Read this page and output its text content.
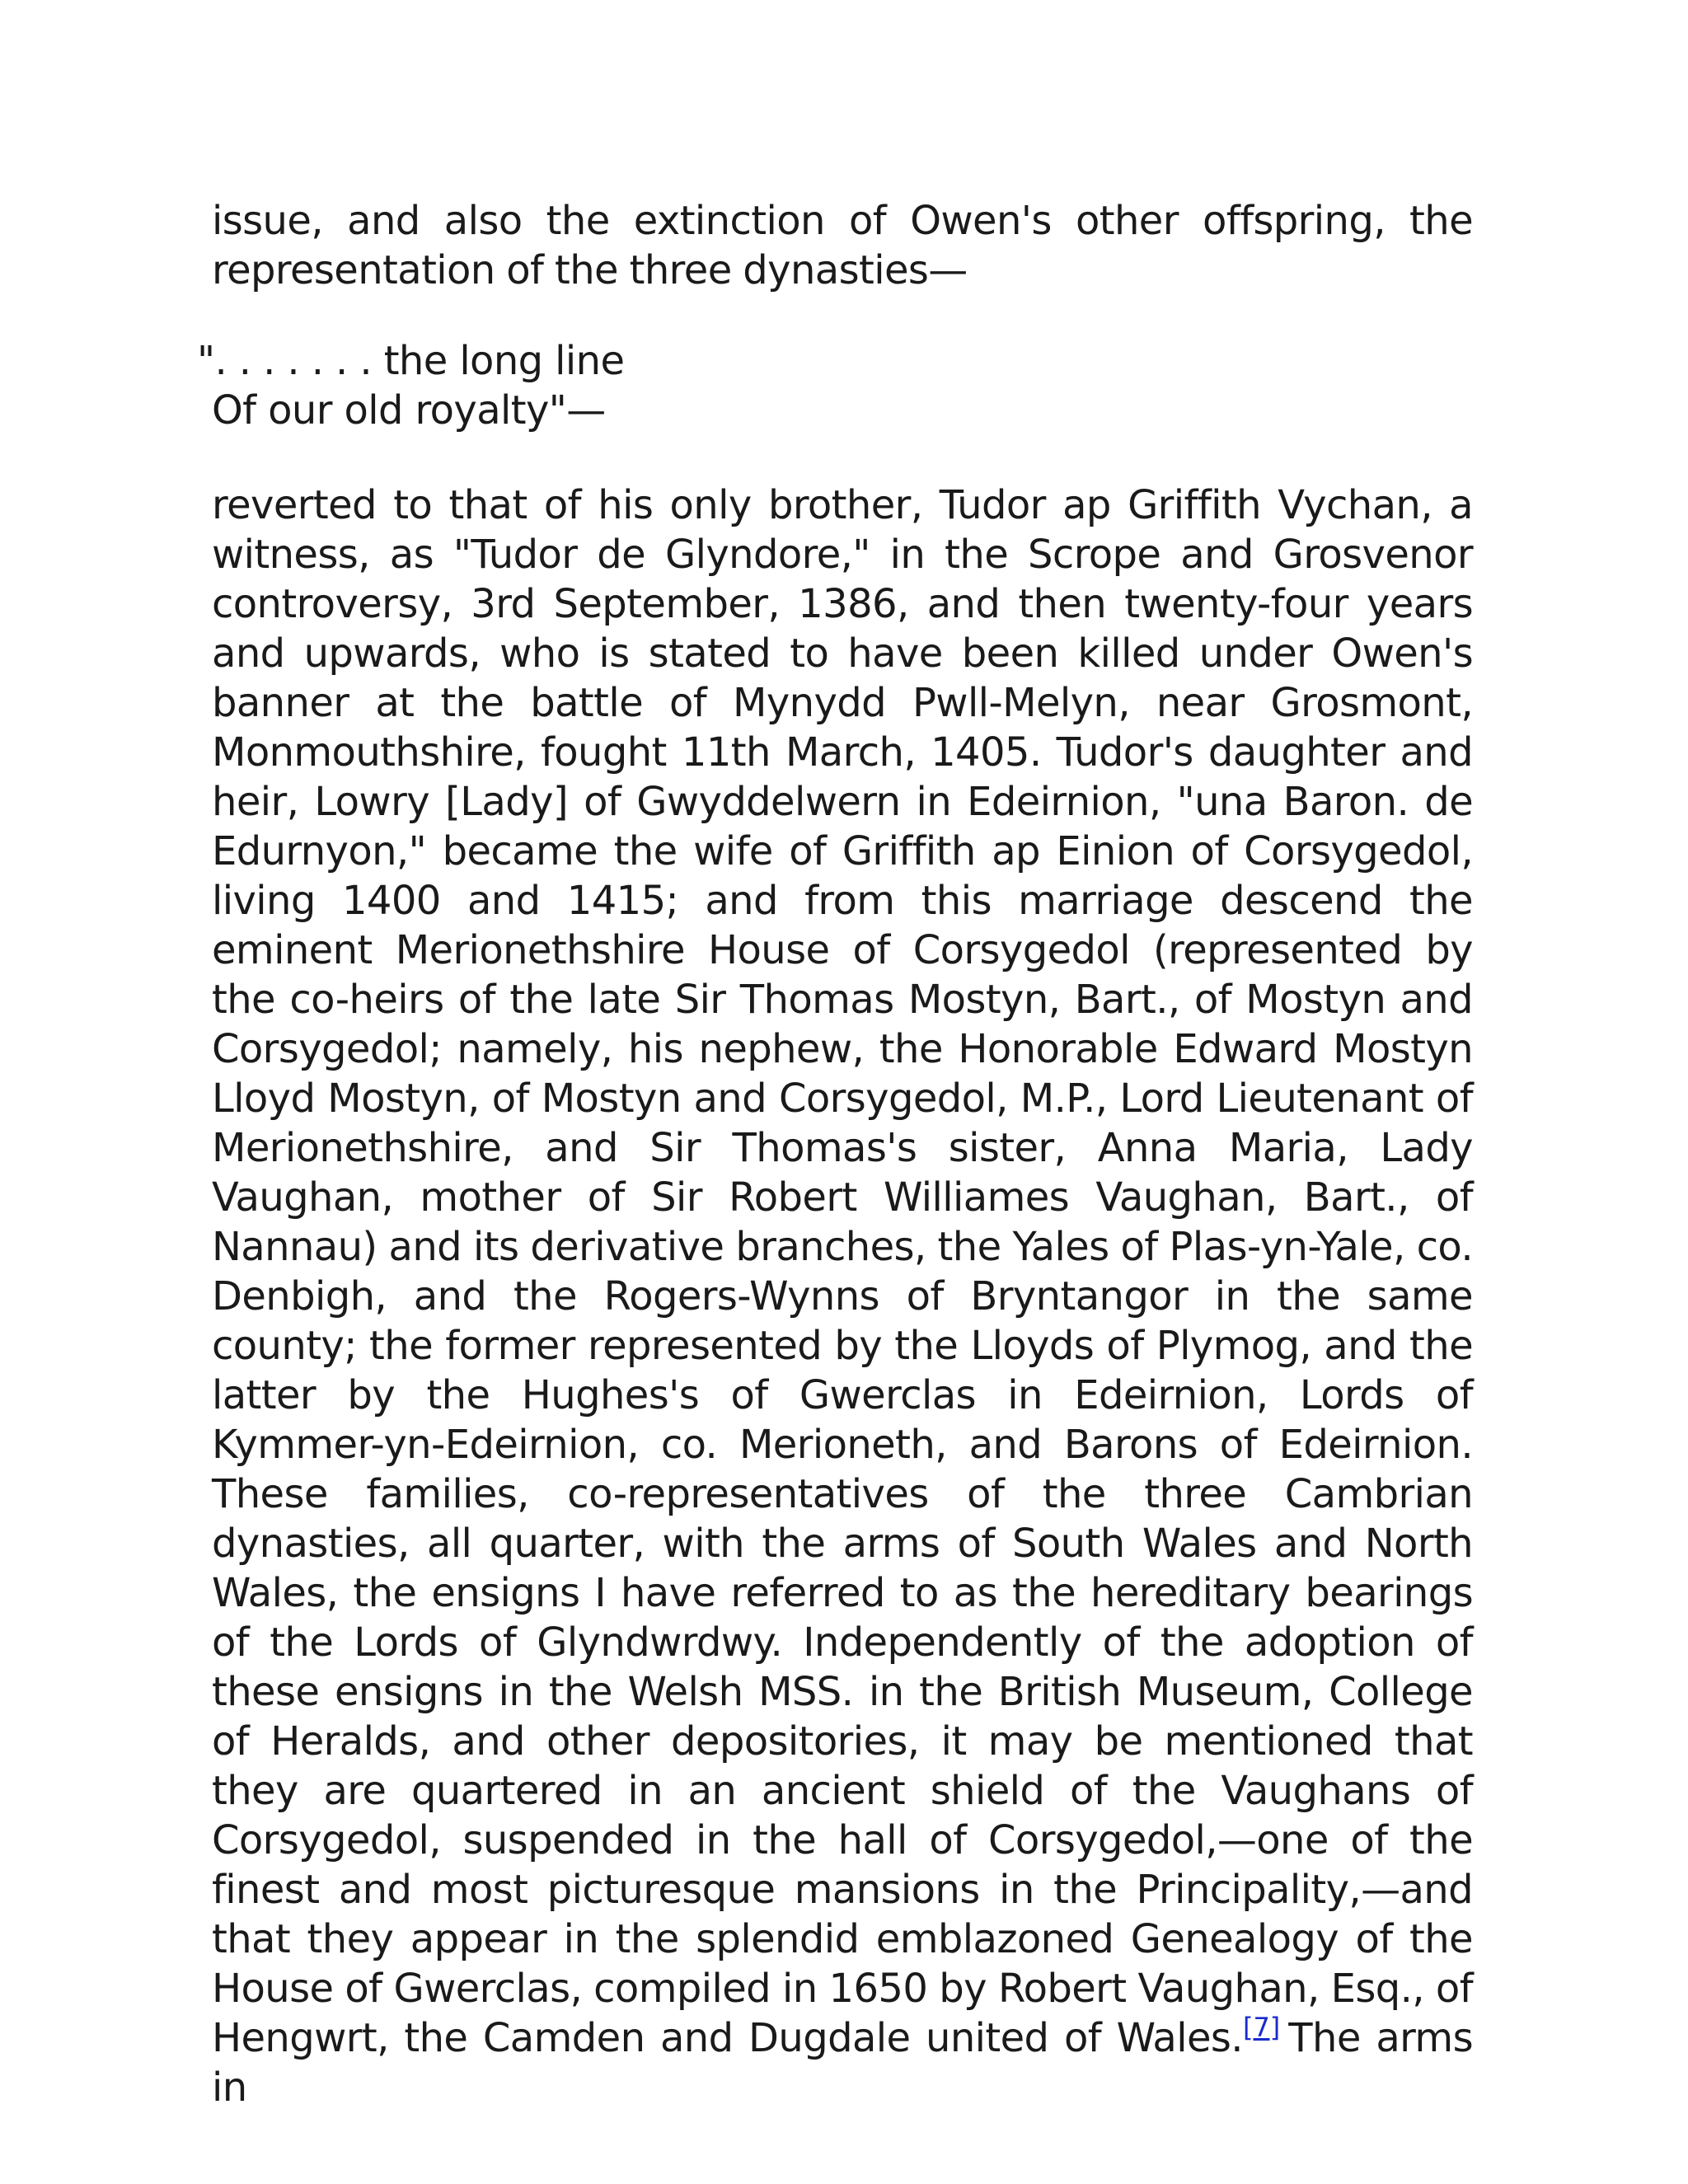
issue, and also the extinction of Owen's other offspring, the representation of the three dynasties—

". . . . . . . the long line
Of our old royalty"—

reverted to that of his only brother, Tudor ap Griffith Vychan, a witness, as "Tudor de Glyndore," in the Scrope and Grosvenor controversy, 3rd September, 1386, and then twenty-four years and upwards, who is stated to have been killed under Owen's banner at the battle of Mynydd Pwll-Melyn, near Grosmont, Monmouthshire, fought 11th March, 1405. Tudor's daughter and heir, Lowry [Lady] of Gwyddelwern in Edeirnion, "una Baron. de Edurnyon," became the wife of Griffith ap Einion of Corsygedol, living 1400 and 1415; and from this marriage descend the eminent Merionethshire House of Corsygedol (represented by the co-heirs of the late Sir Thomas Mostyn, Bart., of Mostyn and Corsygedol; namely, his nephew, the Honorable Edward Mostyn Lloyd Mostyn, of Mostyn and Corsygedol, M.P., Lord Lieutenant of Merionethshire, and Sir Thomas's sister, Anna Maria, Lady Vaughan, mother of Sir Robert Williames Vaughan, Bart., of Nannau) and its derivative branches, the Yales of Plas-yn-Yale, co. Denbigh, and the Rogers-Wynns of Bryntangor in the same county; the former represented by the Lloyds of Plymog, and the latter by the Hughes's of Gwerclas in Edeirnion, Lords of Kymmer-yn-Edeirnion, co. Merioneth, and Barons of Edeirnion. These families, co-representatives of the three Cambrian dynasties, all quarter, with the arms of South Wales and North Wales, the ensigns I have referred to as the hereditary bearings of the Lords of Glyndwrdwy. Independently of the adoption of these ensigns in the Welsh MSS. in the British Museum, College of Heralds, and other depositories, it may be mentioned that they are quartered in an ancient shield of the Vaughans of Corsygedol, suspended in the hall of Corsygedol,—one of the finest and most picturesque mansions in the Principality,—and that they appear in the splendid emblazoned Genealogy of the House of Gwerclas, compiled in 1650 by Robert Vaughan, Esq., of Hengwrt, the Camden and Dugdale united of Wales.[7] The arms in
